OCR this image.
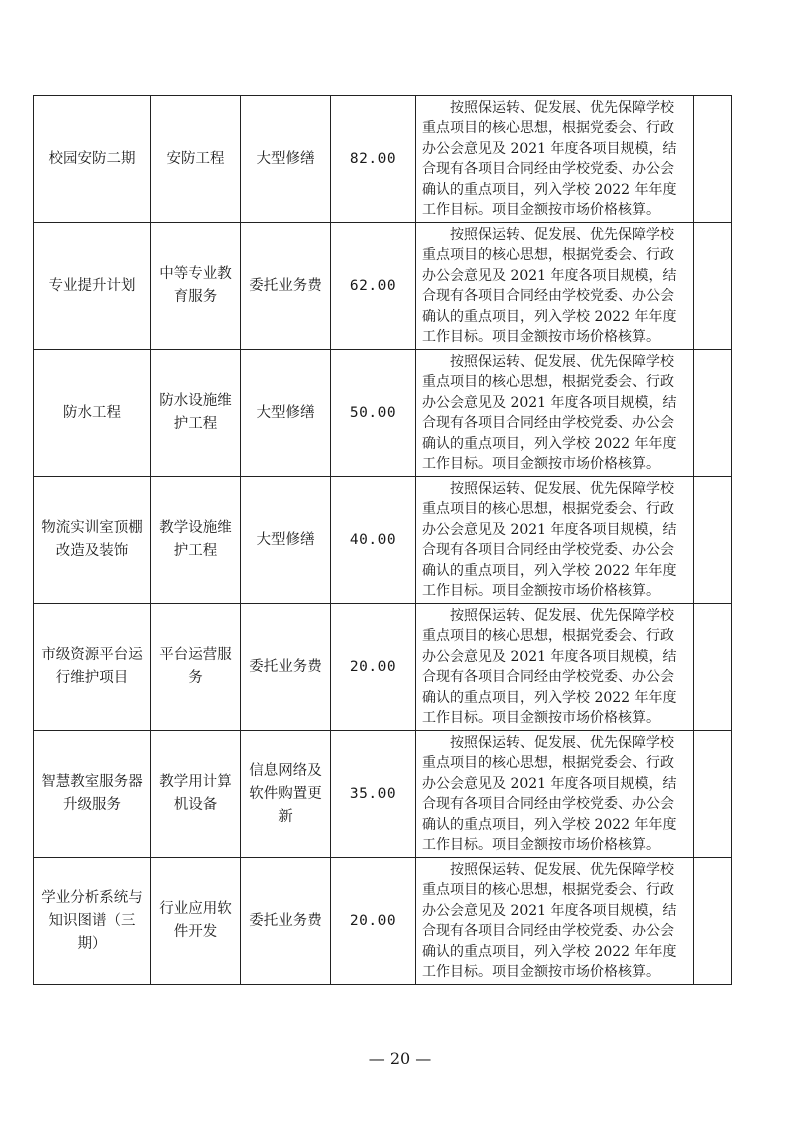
校园安防二期	安防工程	大型修缮	82.00	按照保运转、促发展、优先保障学校重点项目的核心思想，根据党委会、行政办公会意见及 2021 年度各项目规模，结合现有各项目合同经由学校党委、办公会确认的重点项目，列入学校 2022 年年度工作目标。项目金额按市场价格核算。	

专业提升计划	中等专业教育服务	委托业务费	62.00	按照保运转、促发展、优先保障学校重点项目的核心思想，根据党委会、行政办公会意见及 2021 年度各项目规模，结合现有各项目合同经由学校党委、办公会确认的重点项目，列入学校 2022 年年度工作目标。项目金额按市场价格核算。	

防水工程	防水设施维护工程	大型修缮	50.00	按照保运转、促发展、优先保障学校重点项目的核心思想，根据党委会、行政办公会意见及 2021 年度各项目规模，结合现有各项目合同经由学校党委、办公会确认的重点项目，列入学校 2022 年年度工作目标。项目金额按市场价格核算。	

物流实训室顶棚改造及装饰	教学设施维护工程	大型修缮	40.00	按照保运转、促发展、优先保障学校重点项目的核心思想，根据党委会、行政办公会意见及 2021 年度各项目规模，结合现有各项目合同经由学校党委、办公会确认的重点项目，列入学校 2022 年年度工作目标。项目金额按市场价格核算。	

市级资源平台运行维护项目	平台运营服务	委托业务费	20.00	按照保运转、促发展、优先保障学校重点项目的核心思想，根据党委会、行政办公会意见及 2021 年度各项目规模，结合现有各项目合同经由学校党委、办公会确认的重点项目，列入学校 2022 年年度工作目标。项目金额按市场价格核算。	

智慧教室服务器升级服务	教学用计算机设备	信息网络及软件购置更新	35.00	按照保运转、促发展、优先保障学校重点项目的核心思想，根据党委会、行政办公会意见及 2021 年度各项目规模，结合现有各项目合同经由学校党委、办公会确认的重点项目，列入学校 2022 年年度工作目标。项目金额按市场价格核算。	

学业分析系统与知识图谱（三期）	行业应用软件开发	委托业务费	20.00	按照保运转、促发展、优先保障学校重点项目的核心思想，根据党委会、行政办公会意见及 2021 年度各项目规模，结合现有各项目合同经由学校党委、办公会确认的重点项目，列入学校 2022 年年度工作目标。项目金额按市场价格核算。	

— 20 —
